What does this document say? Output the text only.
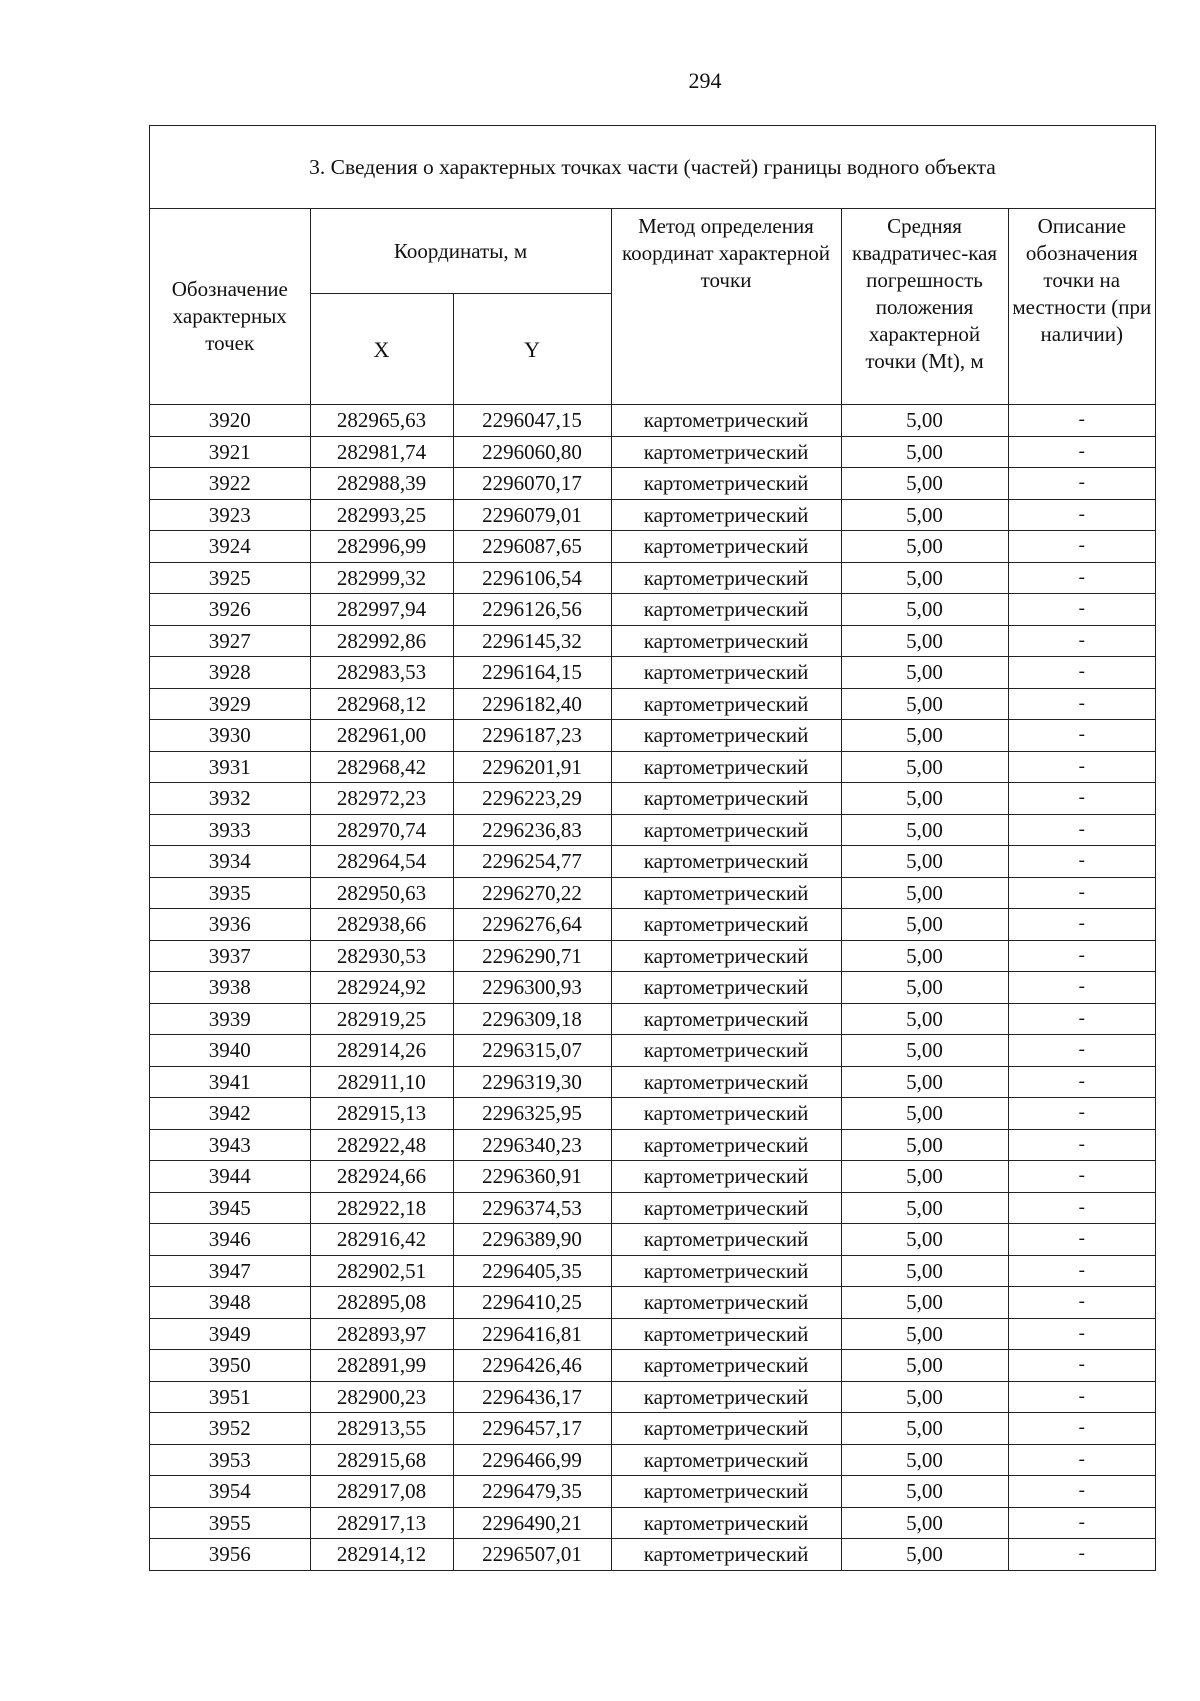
294
3. Сведения о характерных точках части (частей) границы водного объекта
Обозначение характерных точек	Координаты, м		Метод определения координат характерной точки	Средняя квадратичес-кая погрешность положения характерной точки (Mt), м	Описание обозначения точки на местности (при наличии)
	X	Y			
3920	282965,63	2296047,15	картометрический	5,00	-
3921	282981,74	2296060,80	картометрический	5,00	-
3922	282988,39	2296070,17	картометрический	5,00	-
3923	282993,25	2296079,01	картометрический	5,00	-
3924	282996,99	2296087,65	картометрический	5,00	-
3925	282999,32	2296106,54	картометрический	5,00	-
3926	282997,94	2296126,56	картометрический	5,00	-
3927	282992,86	2296145,32	картометрический	5,00	-
3928	282983,53	2296164,15	картометрический	5,00	-
3929	282968,12	2296182,40	картометрический	5,00	-
3930	282961,00	2296187,23	картометрический	5,00	-
3931	282968,42	2296201,91	картометрический	5,00	-
3932	282972,23	2296223,29	картометрический	5,00	-
3933	282970,74	2296236,83	картометрический	5,00	-
3934	282964,54	2296254,77	картометрический	5,00	-
3935	282950,63	2296270,22	картометрический	5,00	-
3936	282938,66	2296276,64	картометрический	5,00	-
3937	282930,53	2296290,71	картометрический	5,00	-
3938	282924,92	2296300,93	картометрический	5,00	-
3939	282919,25	2296309,18	картометрический	5,00	-
3940	282914,26	2296315,07	картометрический	5,00	-
3941	282911,10	2296319,30	картометрический	5,00	-
3942	282915,13	2296325,95	картометрический	5,00	-
3943	282922,48	2296340,23	картометрический	5,00	-
3944	282924,66	2296360,91	картометрический	5,00	-
3945	282922,18	2296374,53	картометрический	5,00	-
3946	282916,42	2296389,90	картометрический	5,00	-
3947	282902,51	2296405,35	картометрический	5,00	-
3948	282895,08	2296410,25	картометрический	5,00	-
3949	282893,97	2296416,81	картометрический	5,00	-
3950	282891,99	2296426,46	картометрический	5,00	-
3951	282900,23	2296436,17	картометрический	5,00	-
3952	282913,55	2296457,17	картометрический	5,00	-
3953	282915,68	2296466,99	картометрический	5,00	-
3954	282917,08	2296479,35	картометрический	5,00	-
3955	282917,13	2296490,21	картометрический	5,00	-
3956	282914,12	2296507,01	картометрический	5,00	-
